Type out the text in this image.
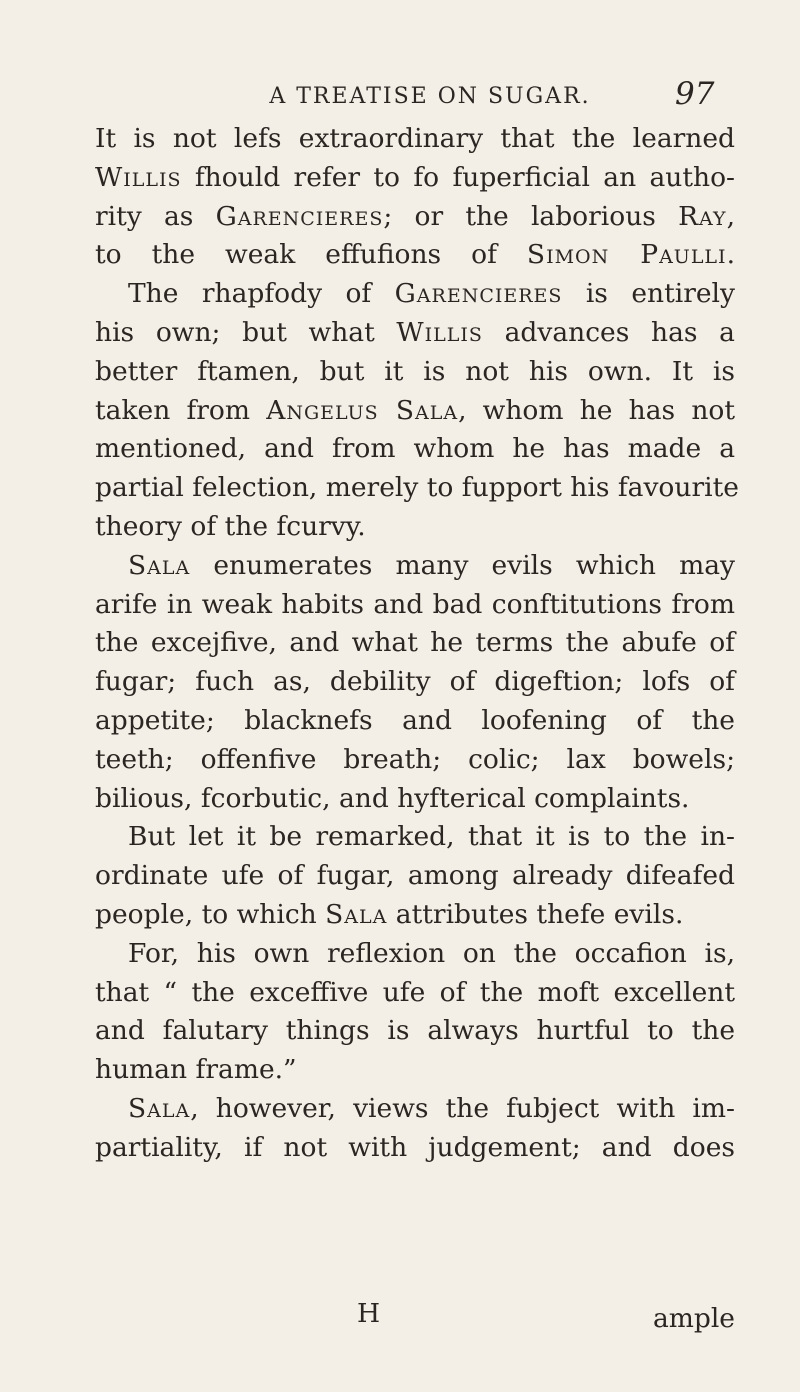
A TREATISE ON SUGAR.	97
It is not lefs extraordinary that the learned
Willis fhould refer to fo fuperficial an autho-
rity as Garencieres; or the laborious Ray,
to the weak effufions of Simon Paulli.
The rhapfody of Garencieres is entirely
his own; but what Willis advances has a
better ftamen, but it is not his own. It is
taken from Angelus Sala, whom he has not
mentioned, and from whom he has made a
partial felection, merely to fupport his favourite
theory of the fcurvy.
Sala enumerates many evils which may
arife in weak habits and bad conftitutions from
the excejfive, and what he terms the abufe of
fugar; fuch as, debility of digeftion; lofs of
appetite; blacknefs and loofening of the
teeth; offenfive breath; colic; lax bowels;
bilious, fcorbutic, and hyfterical complaints.
But let it be remarked, that it is to the in-
ordinate ufe of fugar, among already difeafed
people, to which Sala attributes thefe evils.
For, his own reflexion on the occafion is,
that “ the exceffive ufe of the moft excellent
and falutary things is always hurtful to the
human frame.”
Sala, however, views the fubject with im-
partiality, if not with judgement; and does
H	ample
